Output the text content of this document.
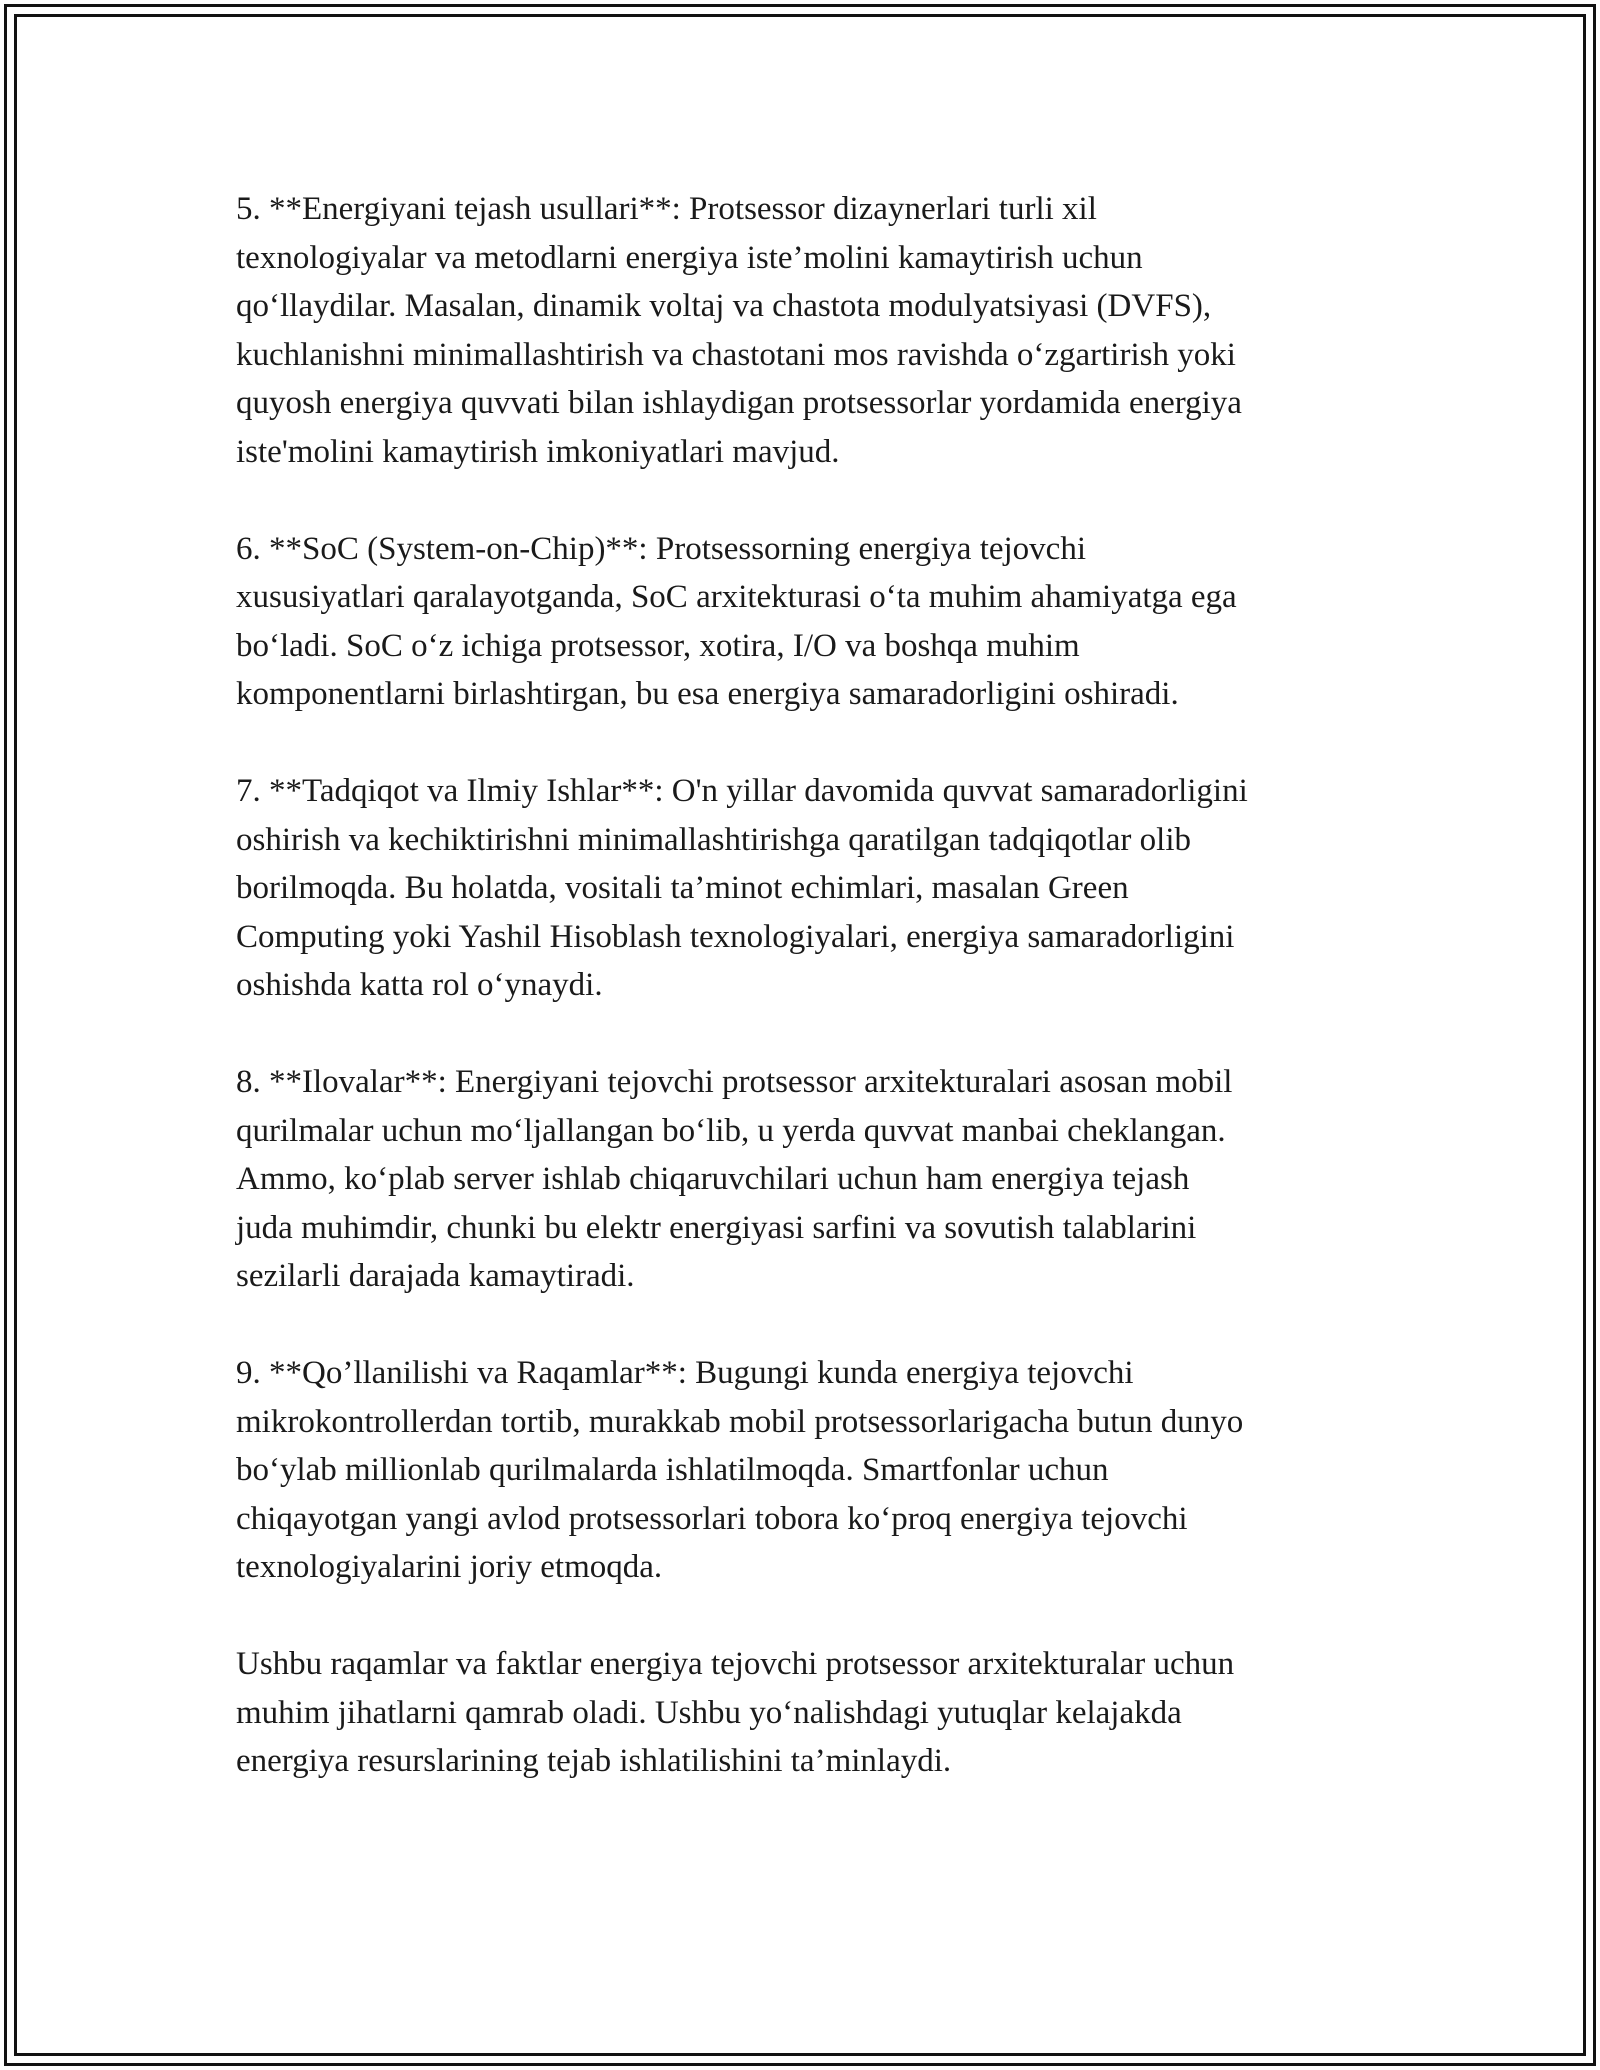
5. **Energiyani tejash usullari**: Protsessor dizaynerlari turli xil
texnologiyalar va metodlarni energiya iste’molini kamaytirish uchun
qo‘llaydilar. Masalan, dinamik voltaj va chastota modulyatsiyasi (DVFS),
kuchlanishni minimallashtirish va chastotani mos ravishda o‘zgartirish yoki
quyosh energiya quvvati bilan ishlaydigan protsessorlar yordamida energiya
iste'molini kamaytirish imkoniyatlari mavjud.

6. **SoC (System-on-Chip)**: Protsessorning energiya tejovchi
xususiyatlari qaralayotganda, SoC arxitekturasi o‘ta muhim ahamiyatga ega
bo‘ladi. SoC o‘z ichiga protsessor, xotira, I/O va boshqa muhim
komponentlarni birlashtirgan, bu esa energiya samaradorligini oshiradi.

7. **Tadqiqot va Ilmiy Ishlar**: O'n yillar davomida quvvat samaradorligini
oshirish va kechiktirishni minimallashtirishga qaratilgan tadqiqotlar olib
borilmoqda. Bu holatda, vositali ta’minot echimlari, masalan Green
Computing yoki Yashil Hisoblash texnologiyalari, energiya samaradorligini
oshishda katta rol o‘ynaydi.

8. **Ilovalar**: Energiyani tejovchi protsessor arxitekturalari asosan mobil
qurilmalar uchun mo‘ljallangan bo‘lib, u yerda quvvat manbai cheklangan.
Ammo, ko‘plab server ishlab chiqaruvchilari uchun ham energiya tejash
juda muhimdir, chunki bu elektr energiyasi sarfini va sovutish talablarini
sezilarli darajada kamaytiradi.

9. **Qo’llanilishi va Raqamlar**: Bugungi kunda energiya tejovchi
mikrokontrollerdan tortib, murakkab mobil protsessorlarigacha butun dunyo
bo‘ylab millionlab qurilmalarda ishlatilmoqda. Smartfonlar uchun
chiqayotgan yangi avlod protsessorlari tobora ko‘proq energiya tejovchi
texnologiyalarini joriy etmoqda.

Ushbu raqamlar va faktlar energiya tejovchi protsessor arxitekturalar uchun
muhim jihatlarni qamrab oladi. Ushbu yo‘nalishdagi yutuqlar kelajakda
energiya resurslarining tejab ishlatilishini ta’minlaydi.
